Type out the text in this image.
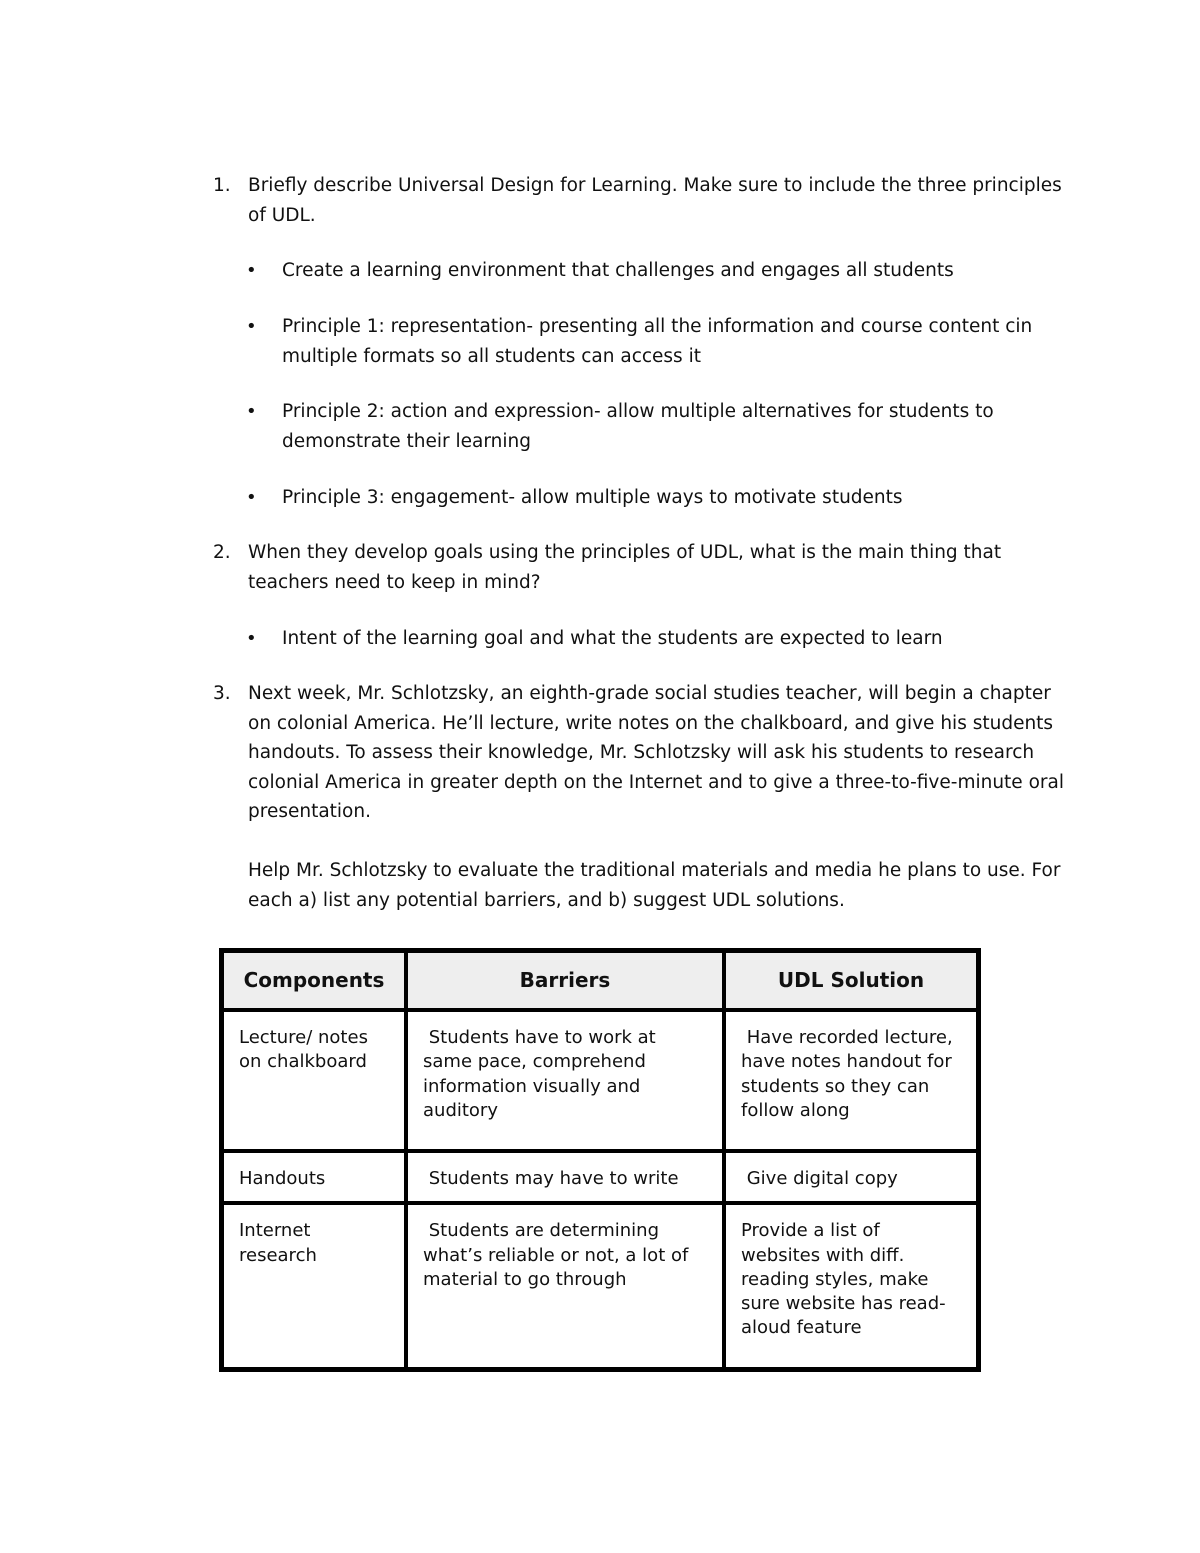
1. Briefly describe Universal Design for Learning. Make sure to include the three principles of UDL.
• Create a learning environment that challenges and engages all students
• Principle 1: representation- presenting all the information and course content cin multiple formats so all students can access it
• Principle 2: action and expression- allow multiple alternatives for students to demonstrate their learning
• Principle 3: engagement- allow multiple ways to motivate students
2. When they develop goals using the principles of UDL, what is the main thing that teachers need to keep in mind?
• Intent of the learning goal and what the students are expected to learn
3. Next week, Mr. Schlotzsky, an eighth-grade social studies teacher, will begin a chapter on colonial America. He’ll lecture, write notes on the chalkboard, and give his students handouts. To assess their knowledge, Mr. Schlotzsky will ask his students to research colonial America in greater depth on the Internet and to give a three-to-five-minute oral presentation.
Help Mr. Schlotzsky to evaluate the traditional materials and media he plans to use. For each a) list any potential barriers, and b) suggest UDL solutions.
Components	Barriers	UDL Solution
Lecture/ notes on chalkboard	Students have to work at same pace, comprehend information visually and auditory	Have recorded lecture, have notes handout for students so they can follow along
Handouts	Students may have to write	Give digital copy
Internet research	Students are determining what’s reliable or not, a lot of material to go through	Provide a list of websites with diff. reading styles, make sure website has read-aloud feature
